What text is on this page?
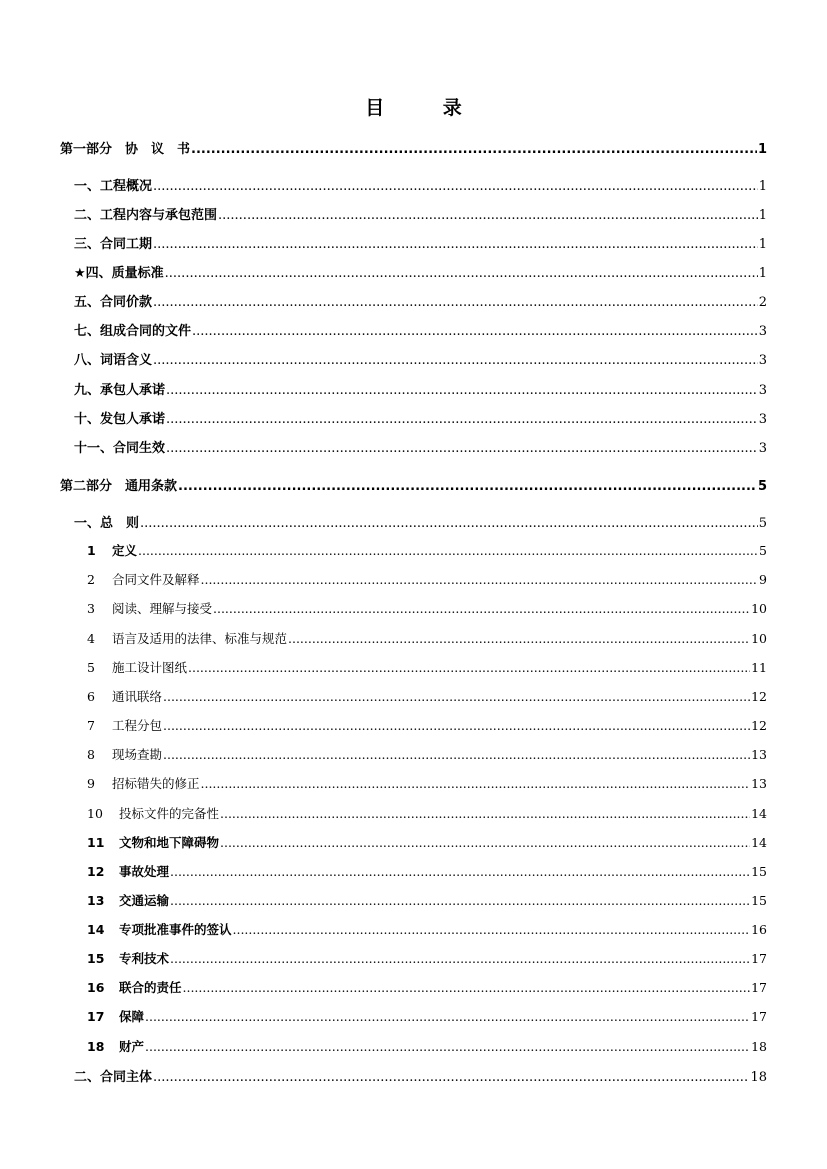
目 录
第一部分　协　议　书 .....	1
一、工程概况 .....	1
二、工程内容与承包范围 .....	1
三、合同工期 .....	1
★四、质量标准 .....	1
五、合同价款 .....	2
七、组成合同的文件 .....	3
八、词语含义 .....	3
九、承包人承诺 .....	3
十、发包人承诺 .....	3
十一、合同生效 .....	3
第二部分　通用条款 .....	5
一、总　则 .....	5
1 定义 .....	5
2 合同文件及解释 .....	9
3 阅读、理解与接受 .....	10
4 语言及适用的法律、标准与规范 .....	10
5 施工设计图纸 .....	11
6 通讯联络 .....	12
7 工程分包 .....	12
8 现场查勘 .....	13
9 招标错失的修正 .....	13
10 投标文件的完备性 .....	14
11 文物和地下障碍物 .....	14
12 事故处理 .....	15
13 交通运输 .....	15
14 专项批准事件的签认 .....	16
15 专利技术 .....	17
16 联合的责任 .....	17
17 保障 .....	17
18 财产 .....	18
二、合同主体 .....	18
